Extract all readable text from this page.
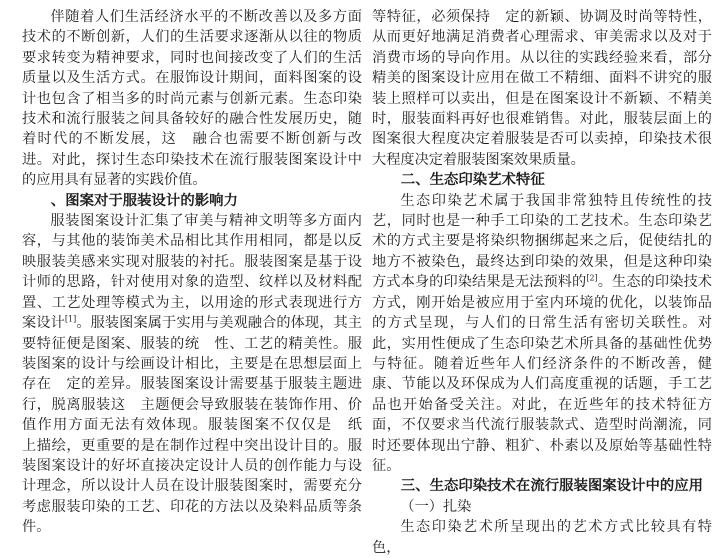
伴随着人们生活经济水平的不断改善以及多方面技术的不断创新，人们的生活要求逐渐从以往的物质要求转变为精神要求，同时也间接改变了人们的生活质量以及生活方式。在服饰设计期间，面料图案的设计也包含了相当多的时尚元素与创新元素。生态印染技术和流行服装之间具备较好的融合性发展历史，随着时代的不断发展，这　融合也需要不断创新与改进。对此，探讨生态印染技术在流行服装图案设计中的应用具有显著的实践价值。

、图案对于服装设计的影响力

服装图案设计汇集了审美与精神文明等多方面内容，与其他的装饰美术品相比其作用相同，都是以反映服装美感来实现对服装的衬托。服装图案是基于设计师的思路，针对使用对象的造型、纹样以及材料配置、工艺处理等模式为主，以用途的形式表现进行方案设计[1]。服装图案属于实用与美观融合的体现，其主要特征便是图案、服装的统　性、工艺的精美性。服装图案的设计与绘画设计相比，主要是在思想层面上存在　定的差异。服装图案设计需要基于服装主题进行，脱离服装这　主题便会导致服装在装饰作用、价值作用方面无法有效体现。服装图案不仅仅是　纸　上描绘，更重要的是在制作过程中突出设计目的。服装图案设计的好坏直接决定设计人员的创作能力与设计理念，所以设计人员在设计服装图案时，需要充分考虑服装印染的工艺、印花的方法以及染料品质等条件。

等特征，必须保持　定的新颖、协调及时尚等特性，从而更好地满足消费者心理需求、审美需求以及对于消费市场的导向作用。从以往的实践经验来看，部分精美的图案设计应用在做工不精细、面料不讲究的服装上照样可以卖出，但是在图案设计不新颖、不精美时，服装面料再好也很难销售。对此，服装层面上的图案很大程度决定着服装是否可以卖掉，印染技术很大程度决定着服装图案效果质量。

二、生态印染艺术特征

生态印染艺术属于我国非常独特且传统性的技艺，同时也是一种手工印染的工艺技术。生态印染艺术的方式主要是将染织物捆绑起来之后，促使结扎的地方不被染色，最终达到印染的效果，但是这种印染方式本身的印染结果是无法预料的[2]。生态的印染技术方式，刚开始是被应用于室内环境的优化，以装饰品的方式呈现，与人们的日常生活有密切关联性。对此，实用性便成了生态印染艺术所具备的基础性优势与特征。随着近些年人们经济条件的不断改善，健康、节能以及环保成为人们高度重视的话题，手工艺品也开始备受关注。对此，在近些年的技术特征方面，不仅要求当代流行服装款式、造型时尚潮流，同时还要体现出宁静、粗犷、朴素以及原始等基础性特征。

三、生态印染技术在流行服装图案设计中的应用
（一）扎染

生态印染艺术所呈现出的艺术方式比较具有特色，
